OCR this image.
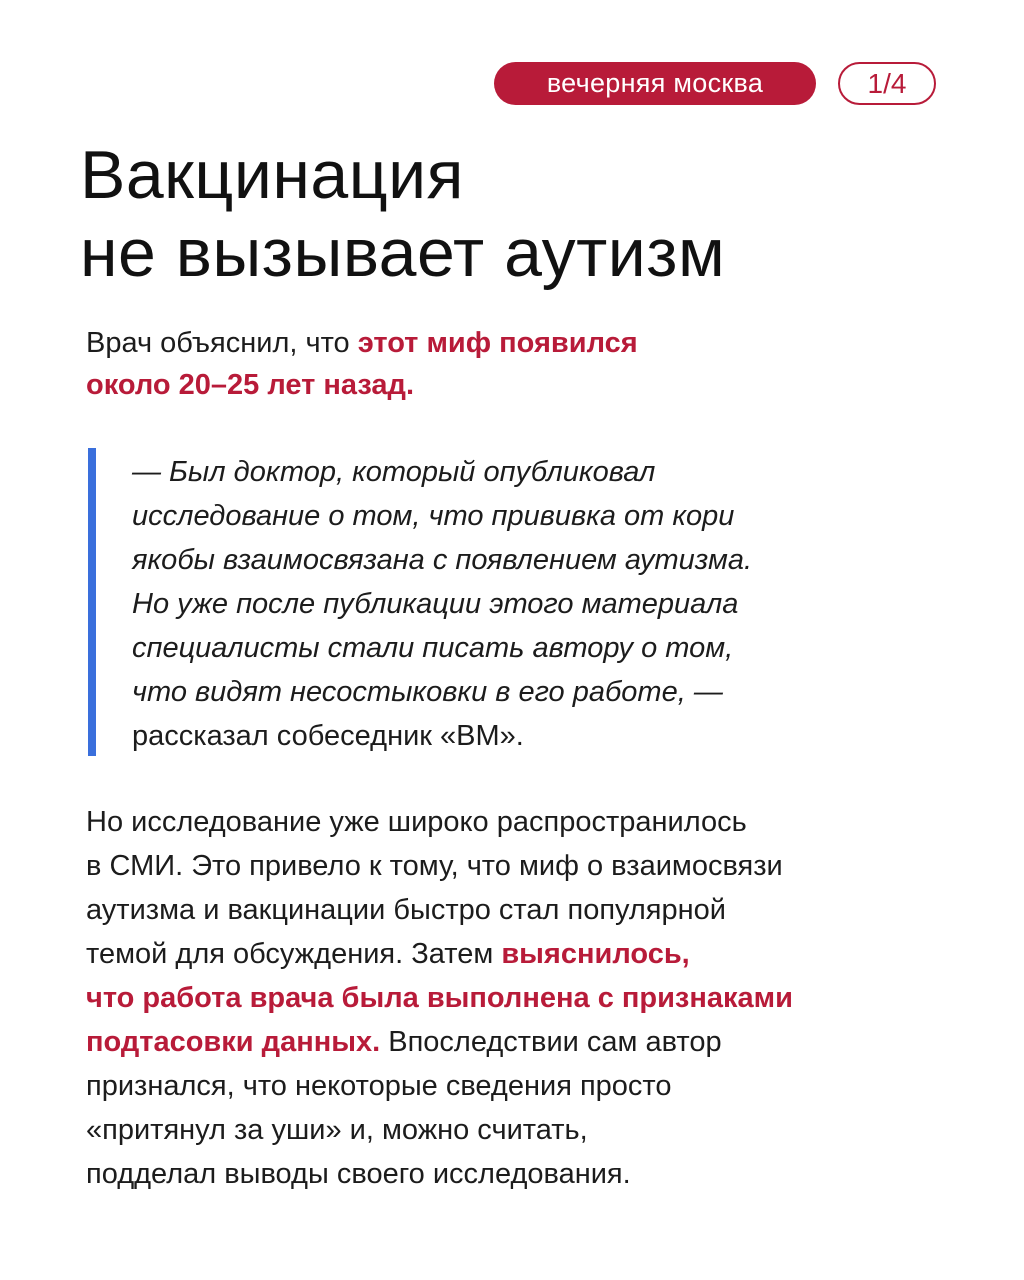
вечерняя москва	1/4
Вакцинация
не вызывает аутизм
Врач объяснил, что этот миф появился
около 20–25 лет назад.
— Был доктор, который опубликовал
исследование о том, что прививка от кори
якобы взаимосвязана с появлением аутизма.
Но уже после публикации этого материала
специалисты стали писать автору о том,
что видят несостыковки в его работе, —
рассказал собеседник «ВМ».
Но исследование уже широко распространилось
в СМИ. Это привело к тому, что миф о взаимосвязи
аутизма и вакцинации быстро стал популярной
темой для обсуждения. Затем выяснилось,
что работа врача была выполнена с признаками
подтасовки данных. Впоследствии сам автор
признался, что некоторые сведения просто
«притянул за уши» и, можно считать,
подделал выводы своего исследования.
